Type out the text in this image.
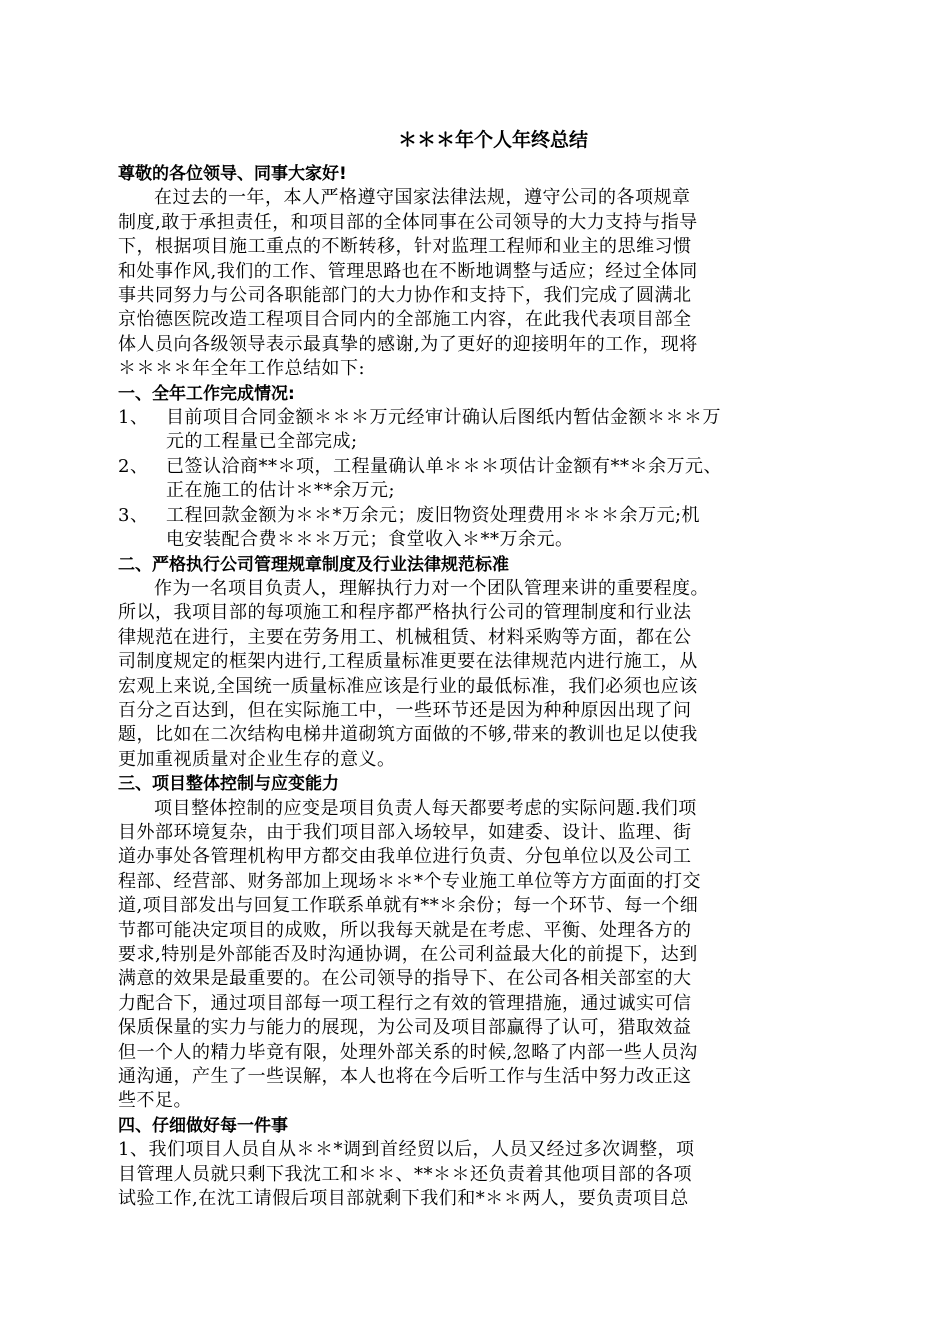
＊＊＊年个人年终总结
尊敬的各位领导、同事大家好!
在过去的一年，本人严格遵守国家法律法规，遵守公司的各项规章
制度,敢于承担责任，和项目部的全体同事在公司领导的大力支持与指导
下，根据项目施工重点的不断转移，针对监理工程师和业主的思维习惯
和处事作风,我们的工作、管理思路也在不断地调整与适应；经过全体同
事共同努力与公司各职能部门的大力协作和支持下，我们完成了圆满北
京怡德医院改造工程项目合同内的全部施工内容，在此我代表项目部全
体人员向各级领导表示最真挚的感谢,为了更好的迎接明年的工作，现将
＊＊＊＊年全年工作总结如下:
一、全年工作完成情况:
1、 目前项目合同金额＊＊＊万元经审计确认后图纸内暂估金额＊＊＊万
元的工程量已全部完成;
2、 已签认洽商**＊项，工程量确认单＊＊＊项估计金额有**＊余万元、
正在施工的估计＊**余万元;
3、 工程回款金额为＊＊*万余元；废旧物资处理费用＊＊＊余万元;机
电安装配合费＊＊＊万元；食堂收入＊**万余元。
二、严格执行公司管理规章制度及行业法律规范标准
作为一名项目负责人，理解执行力对一个团队管理来讲的重要程度。
所以，我项目部的每项施工和程序都严格执行公司的管理制度和行业法
律规范在进行，主要在劳务用工、机械租赁、材料采购等方面，都在公
司制度规定的框架内进行,工程质量标准更要在法律规范内进行施工，从
宏观上来说,全国统一质量标准应该是行业的最低标准，我们必须也应该
百分之百达到，但在实际施工中，一些环节还是因为种种原因出现了问
题，比如在二次结构电梯井道砌筑方面做的不够,带来的教训也足以使我
更加重视质量对企业生存的意义。
三、项目整体控制与应变能力
项目整体控制的应变是项目负责人每天都要考虑的实际问题.我们项
目外部环境复杂，由于我们项目部入场较早，如建委、设计、监理、街
道办事处各管理机构甲方都交由我单位进行负责、分包单位以及公司工
程部、经营部、财务部加上现场＊＊*个专业施工单位等方方面面的打交
道,项目部发出与回复工作联系单就有**＊余份；每一个环节、每一个细
节都可能决定项目的成败，所以我每天就是在考虑、平衡、处理各方的
要求,特别是外部能否及时沟通协调，在公司利益最大化的前提下，达到
满意的效果是最重要的。在公司领导的指导下、在公司各相关部室的大
力配合下，通过项目部每一项工程行之有效的管理措施，通过诚实可信
保质保量的实力与能力的展现，为公司及项目部赢得了认可，猎取效益
但一个人的精力毕竟有限，处理外部关系的时候,忽略了内部一些人员沟
通沟通，产生了一些误解，本人也将在今后听工作与生活中努力改正这
些不足。
四、仔细做好每一件事
1、我们项目人员自从＊＊*调到首经贸以后，人员又经过多次调整，项
目管理人员就只剩下我沈工和＊＊、**＊＊还负责着其他项目部的各项
试验工作,在沈工请假后项目部就剩下我们和*＊＊两人，要负责项目总
